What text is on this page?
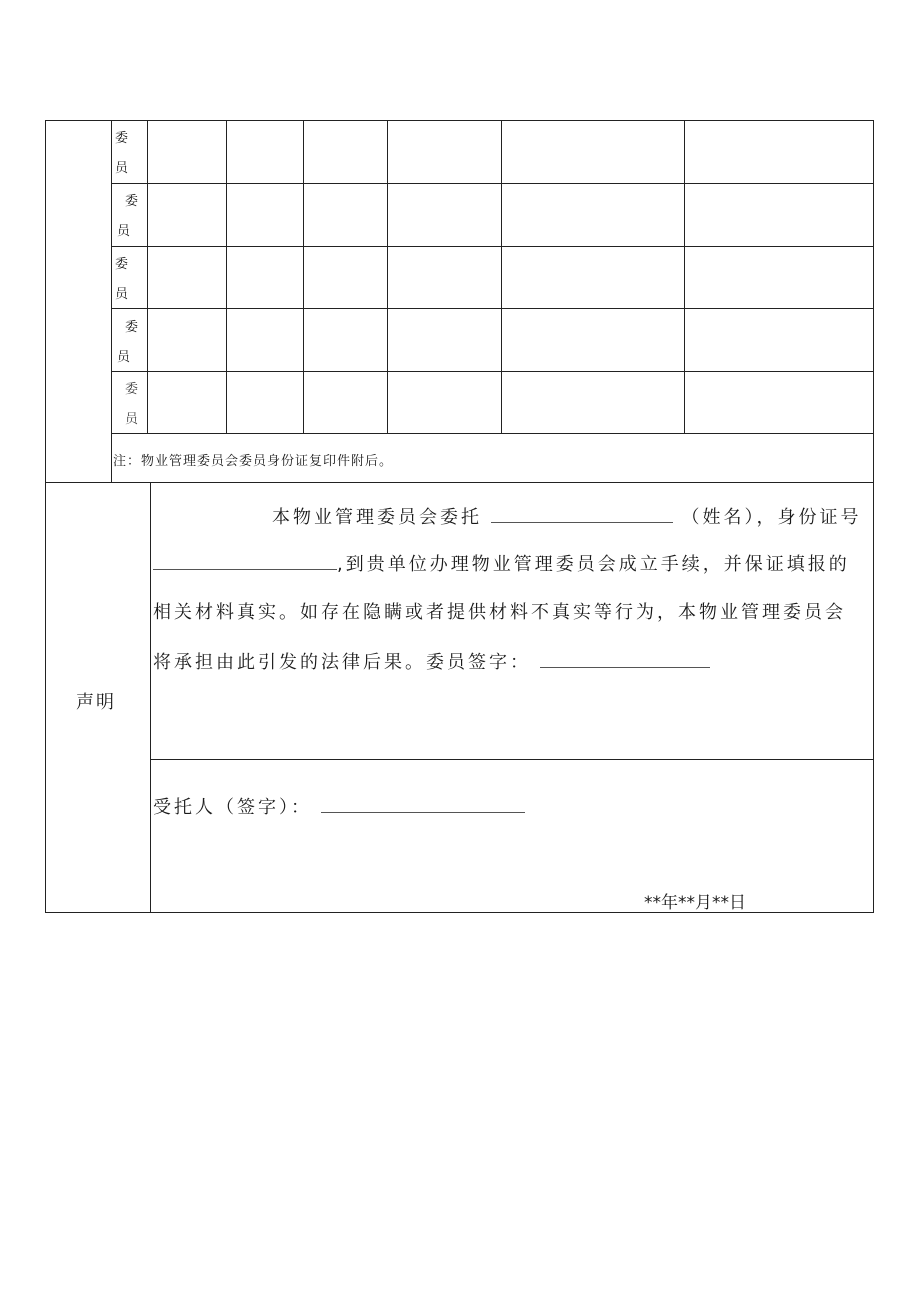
委
员
委
员
委
员
委
员
委
员
注：物业管理委员会委员身份证复印件附后。
声明
本物业管理委员会委托	（姓名），身份证号
,到贵单位办理物业管理委员会成立手续，并保证填报的
相关材料真实。如存在隐瞒或者提供材料不真实等行为，本物业管理委员会
将承担由此引发的法律后果。委员签字：
受托人（签字）：
**年**月**日
